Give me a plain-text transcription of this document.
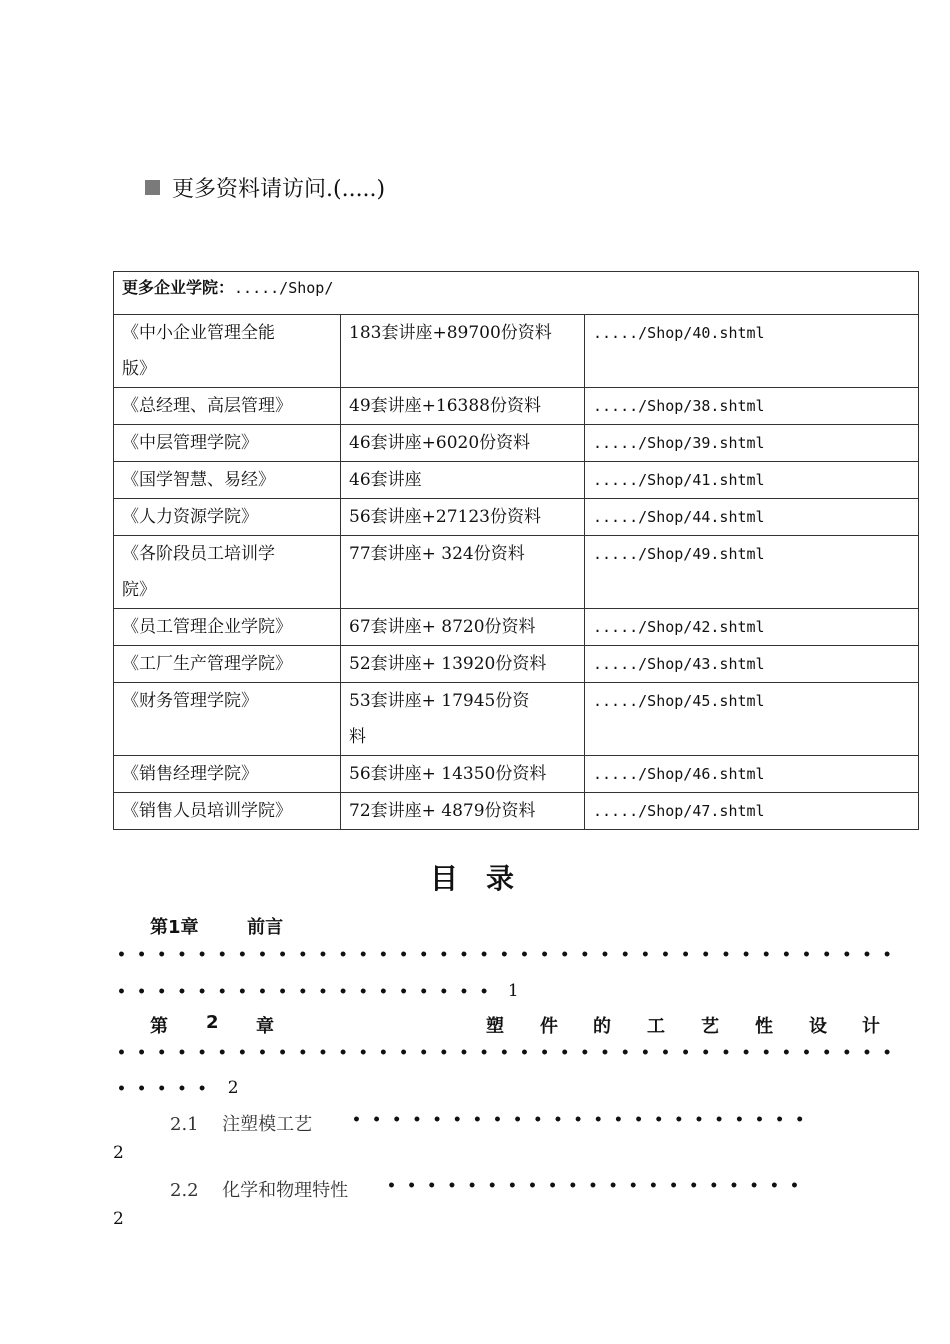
更多资料请访问.(.....)
更多企业学院：...../Shop/		

《中小企业管理全能
版》	183套讲座+89700份资料	...../Shop/40.shtml

《总经理、高层管理》	49套讲座+16388份资料	...../Shop/38.shtml

《中层管理学院》	46套讲座+6020份资料	...../Shop/39.shtml

《国学智慧、易经》	46套讲座	...../Shop/41.shtml

《人力资源学院》	56套讲座+27123份资料	...../Shop/44.shtml

《各阶段员工培训学
院》	77套讲座+ 324份资料	...../Shop/49.shtml

《员工管理企业学院》	67套讲座+ 8720份资料	...../Shop/42.shtml

《工厂生产管理学院》	52套讲座+ 13920份资料	...../Shop/43.shtml

《财务管理学院》	53套讲座+ 17945份资
料	...../Shop/45.shtml

《销售经理学院》	56套讲座+ 14350份资料	...../Shop/46.shtml

《销售人员培训学院》	72套讲座+ 4879份资料	...../Shop/47.shtml
目 录
第1章	前言
•••••••••••••••••••••••••••••••••••••••
••••••••••••••••••• 1
第 2 章	塑 件 的 工 艺 性 设 计
•••••••••••••••••••••••••••••••••••••••
••••• 2
2.1 注塑模工艺	•••••••••••••••••••••••
2
2.2 化学和物理特性	•••••••••••••••••••••
2
